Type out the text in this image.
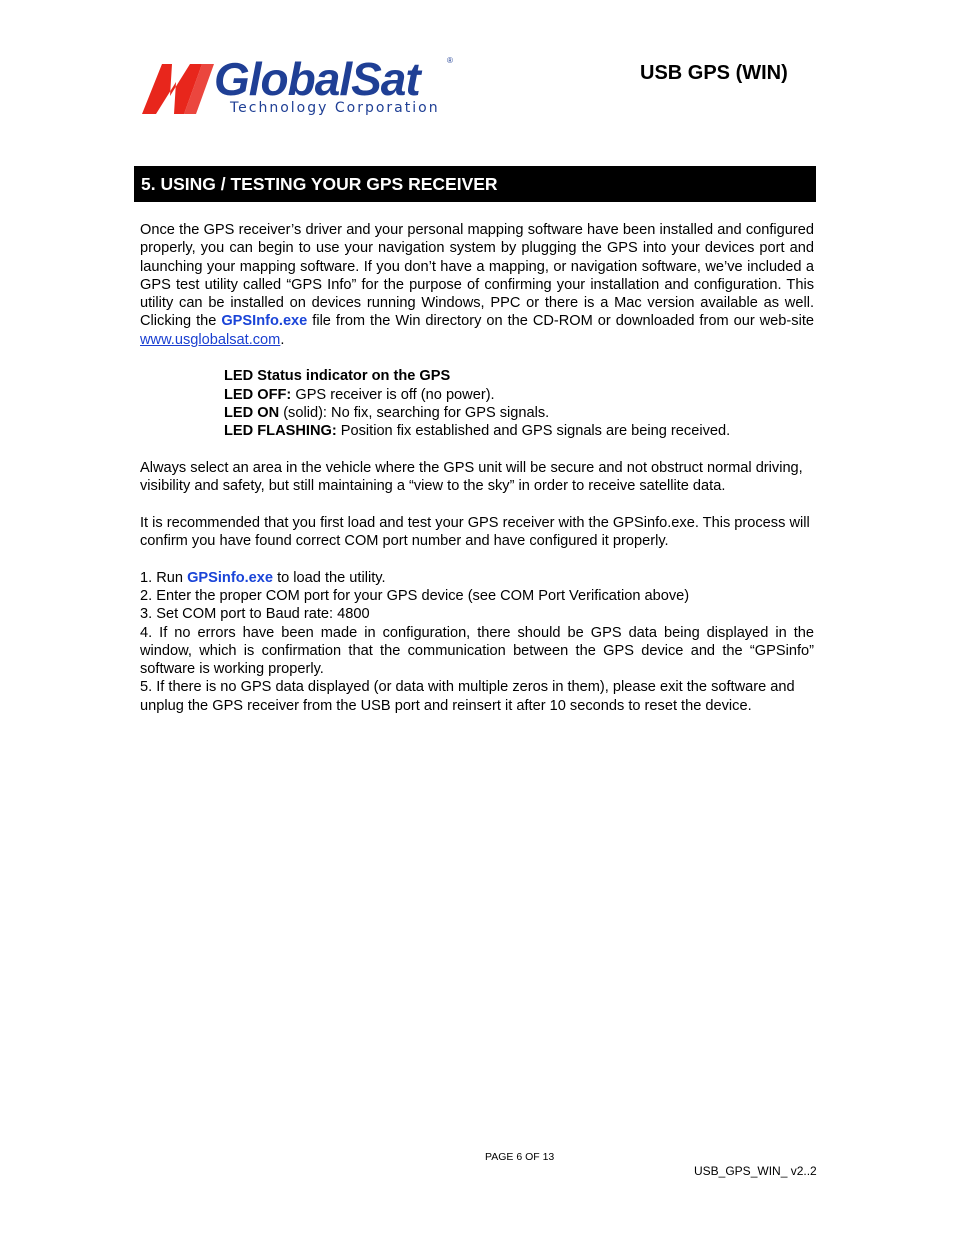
GlobalSat
Technology Corporation
®
USB GPS (WIN)
5. USING / TESTING YOUR GPS RECEIVER

Once the GPS receiver’s driver and your personal mapping software have been installed and configured properly, you can begin to use your navigation system by plugging the GPS into your devices port and launching your mapping software. If you don’t have a mapping, or navigation software, we’ve included a GPS test utility called “GPS Info” for the purpose of confirming your installation and configuration. This utility can be installed on devices running Windows, PPC or there is a Mac version available as well. Clicking the GPSInfo.exe file from the Win directory on the CD-ROM or downloaded from our web-site www.usglobalsat.com.

LED Status indicator on the GPS

LED OFF: GPS receiver is off (no power).

LED ON (solid): No fix, searching for GPS signals.

LED FLASHING: Position fix established and GPS signals are being received.

Always select an area in the vehicle where the GPS unit will be secure and not obstruct normal driving, visibility and safety, but still maintaining a “view to the sky” in order to receive satellite data.

It is recommended that you first load and test your GPS receiver with the GPSinfo.exe. This process will confirm you have found correct COM port number and have configured it properly.

1. Run GPSinfo.exe to load the utility.

2. Enter the proper COM port for your GPS device (see COM Port Verification above)

3. Set COM port to Baud rate: 4800

4. If no errors have been made in configuration, there should be GPS data being displayed in the window, which is confirmation that the communication between the GPS device and the “GPSinfo” software is working properly.

5. If there is no GPS data displayed (or data with multiple zeros in them), please exit the software and unplug the GPS receiver from the USB port and reinsert it after 10 seconds to reset the device.

PAGE 6 OF 13
USB_GPS_WIN_ v2..2
